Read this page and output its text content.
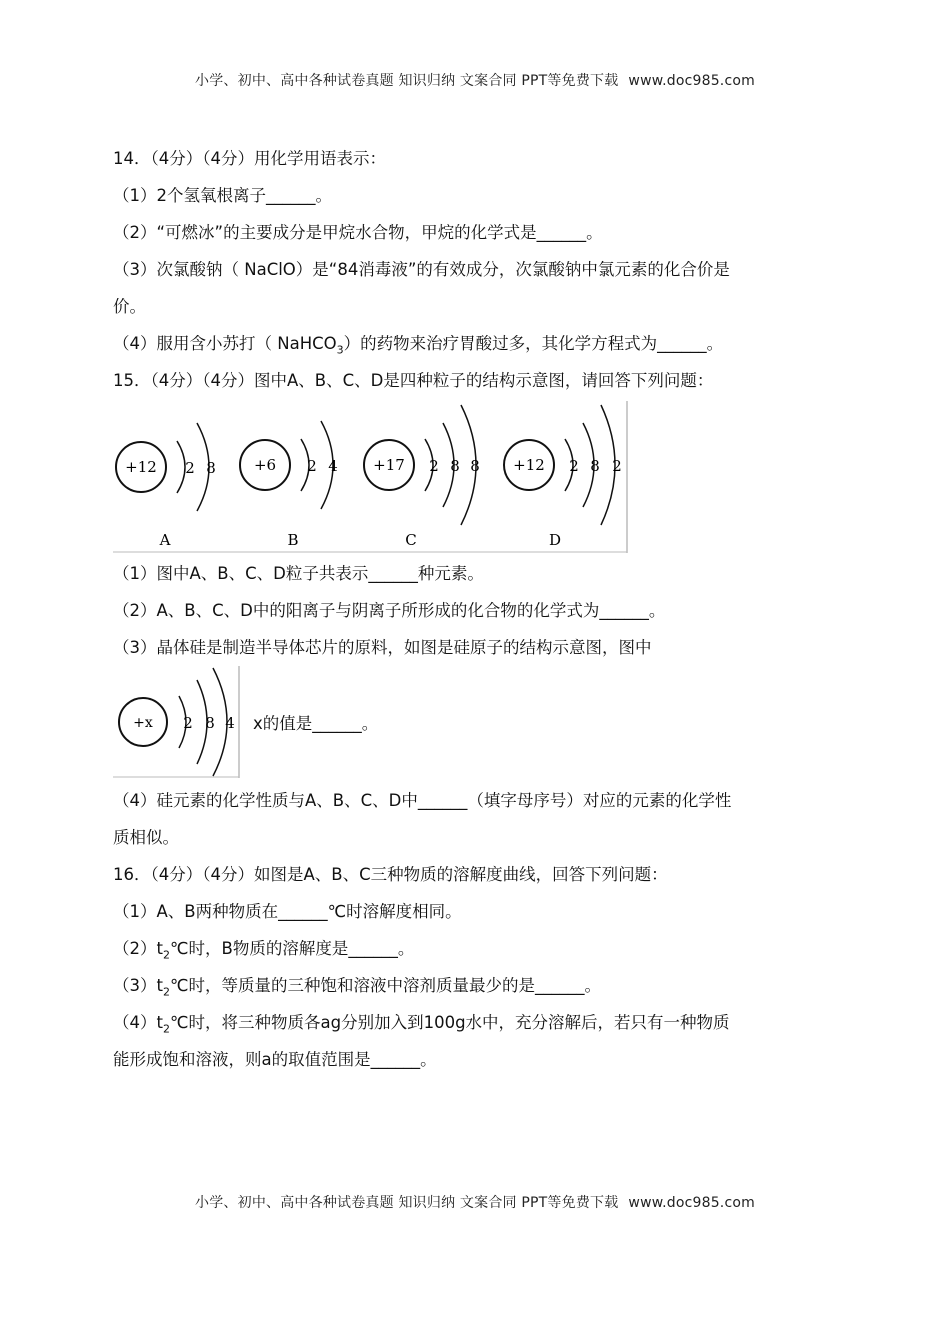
小学、初中、高中各种试卷真题 知识归纳 文案合同 PPT等免费下载 www.doc985.com
14．（4分）（4分）用化学用语表示：
（1）2个氢氧根离子______。
（2）“可燃冰”的主要成分是甲烷水合物，甲烷的化学式是______。
（3）次氯酸钠（ NaClO）是“84消毒液”的有效成分，次氯酸钠中氯元素的化合价是
价。
（4）服用含小苏打（ NaHCO$_3$）的药物来治疗胃酸过多，其化学方程式为______。
15．（4分）（4分）图中A、B、C、D是四种粒子的结构示意图，请回答下列问题：
+12 2 8
A
+6 2 4
B
+17 2 8 8
C
+12 2 8 2
D
（1）图中A、B、C、D粒子共表示______种元素。
（2）A、B、C、D中的阳离子与阴离子所形成的化合物的化学式为______。
（3）晶体硅是制造半导体芯片的原料，如图是硅原子的结构示意图，图中
+x 2 8 4 x的值是______。
（4）硅元素的化学性质与A、B、C、D中______（填字母序号）对应的元素的化学性
质相似。
16．（4分）（4分）如图是A、B、C三种物质的溶解度曲线，回答下列问题：
（1）A、B两种物质在______℃时溶解度相同。
$(2)t_2℃$时，B物质的溶解度是______。
$(3)t_2℃$时，等质量的三种饱和溶液中溶剂质量最少的是______。
$(4)t_2℃$时，将三种物质各ag分别加入到100g水中，充分溶解后，若只有一种物质
能形成饱和溶液，则a的取值范围是______。
小学、初中、高中各种试卷真题 知识归纳 文案合同 PPT等免费下载 www.doc985.com
